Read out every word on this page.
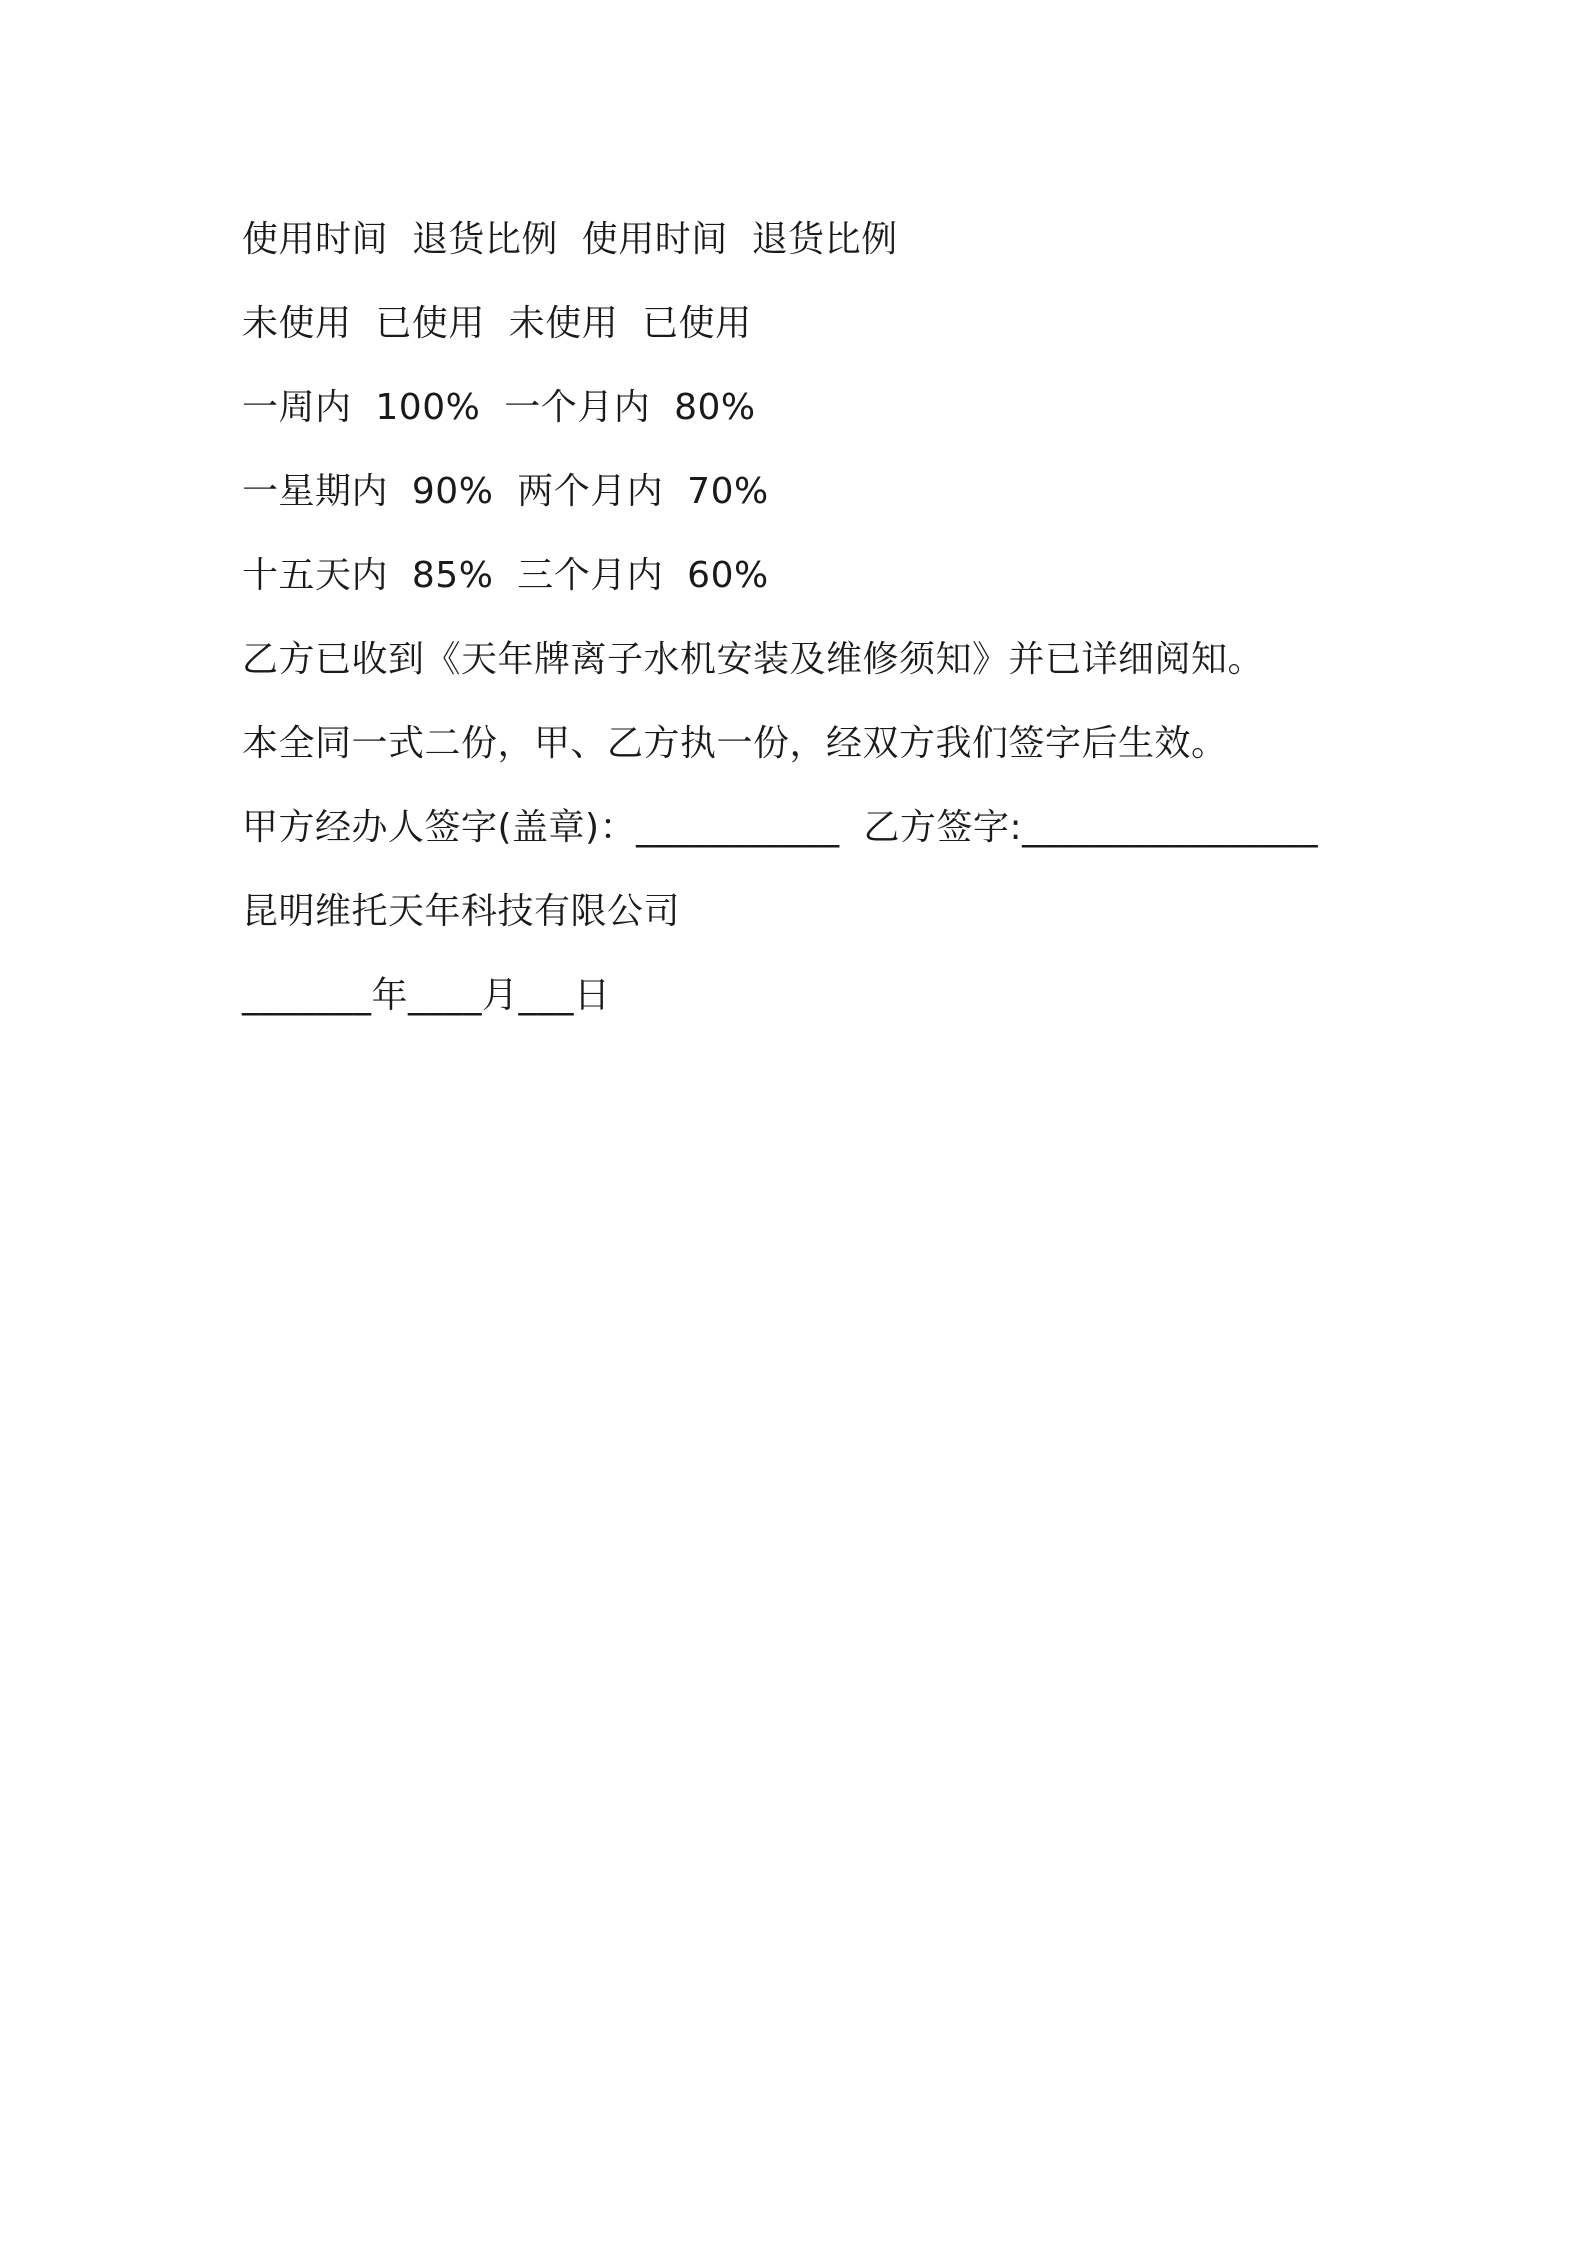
使用时间  退货比例  使用时间  退货比例
未使用  已使用  未使用  已使用
一周内  100%  一个月内  80%
一星期内  90%  两个月内  70%
十五天内  85%  三个月内  60%
乙方已收到《天年牌离子水机安装及维修须知》并已详细阅知。
本全同一式二份，甲、乙方执一份，经双方我们签字后生效。
甲方经办人签字(盖章)：___________  乙方签字:________________
昆明维托天年科技有限公司
_______年____月___日
